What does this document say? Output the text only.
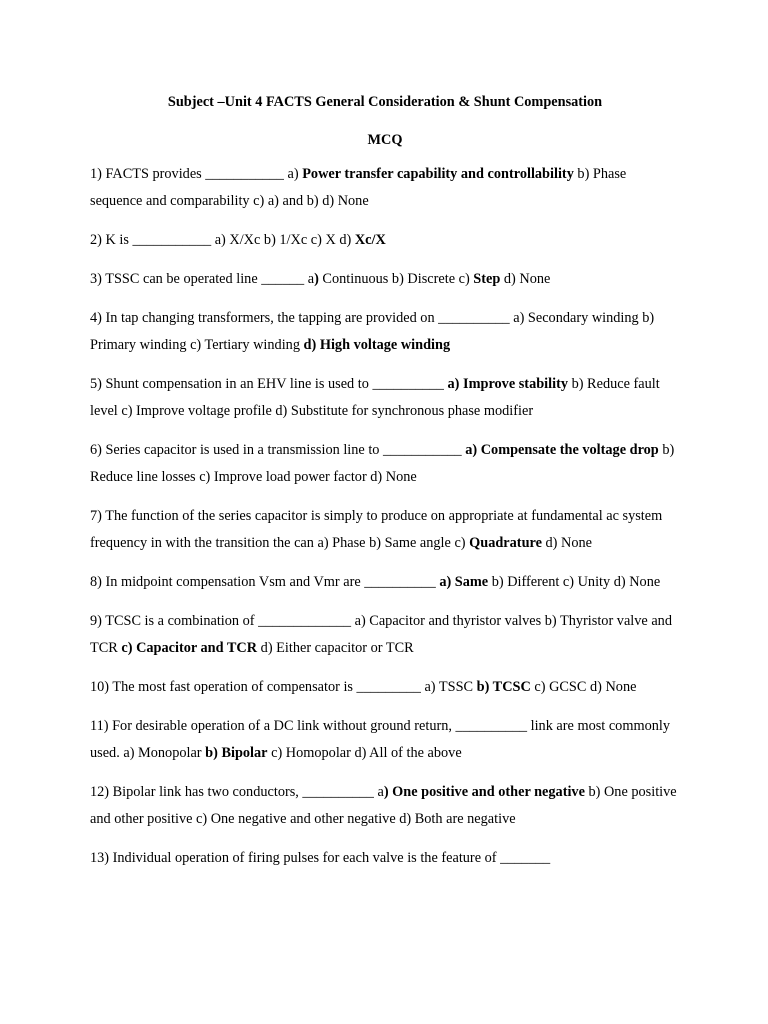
Subject –Unit 4 FACTS General Consideration & Shunt Compensation
MCQ

1) FACTS provides ___________ a) Power transfer capability and controllability b) Phase sequence and comparability c) a) and b) d) None

2) K is ___________ a) X/Xc b) 1/Xc c) X d) Xc/X

3) TSSC can be operated line ______ a) Continuous b) Discrete c) Step d) None

4) In tap changing transformers, the tapping are provided on __________ a) Secondary winding b) Primary winding c) Tertiary winding d) High voltage winding

5) Shunt compensation in an EHV line is used to __________ a) Improve stability b) Reduce fault level c) Improve voltage profile d) Substitute for synchronous phase modifier

6) Series capacitor is used in a transmission line to ___________ a) Compensate the voltage drop b) Reduce line losses c) Improve load power factor d) None

7) The function of the series capacitor is simply to produce on appropriate at fundamental ac system frequency in with the transition the can a) Phase b) Same angle c) Quadrature d) None

8) In midpoint compensation Vsm and Vmr are __________ a) Same b) Different c) Unity d) None

9) TCSC is a combination of _____________ a) Capacitor and thyristor valves b) Thyristor valve and TCR c) Capacitor and TCR d) Either capacitor or TCR

10) The most fast operation of compensator is _________ a) TSSC b) TCSC c) GCSC d) None

11) For desirable operation of a DC link without ground return, __________ link are most commonly used. a) Monopolar b) Bipolar c) Homopolar d) All of the above

12) Bipolar link has two conductors, __________ a) One positive and other negative b) One positive and other positive c) One negative and other negative d) Both are negative

13) Individual operation of firing pulses for each valve is the feature of _______
